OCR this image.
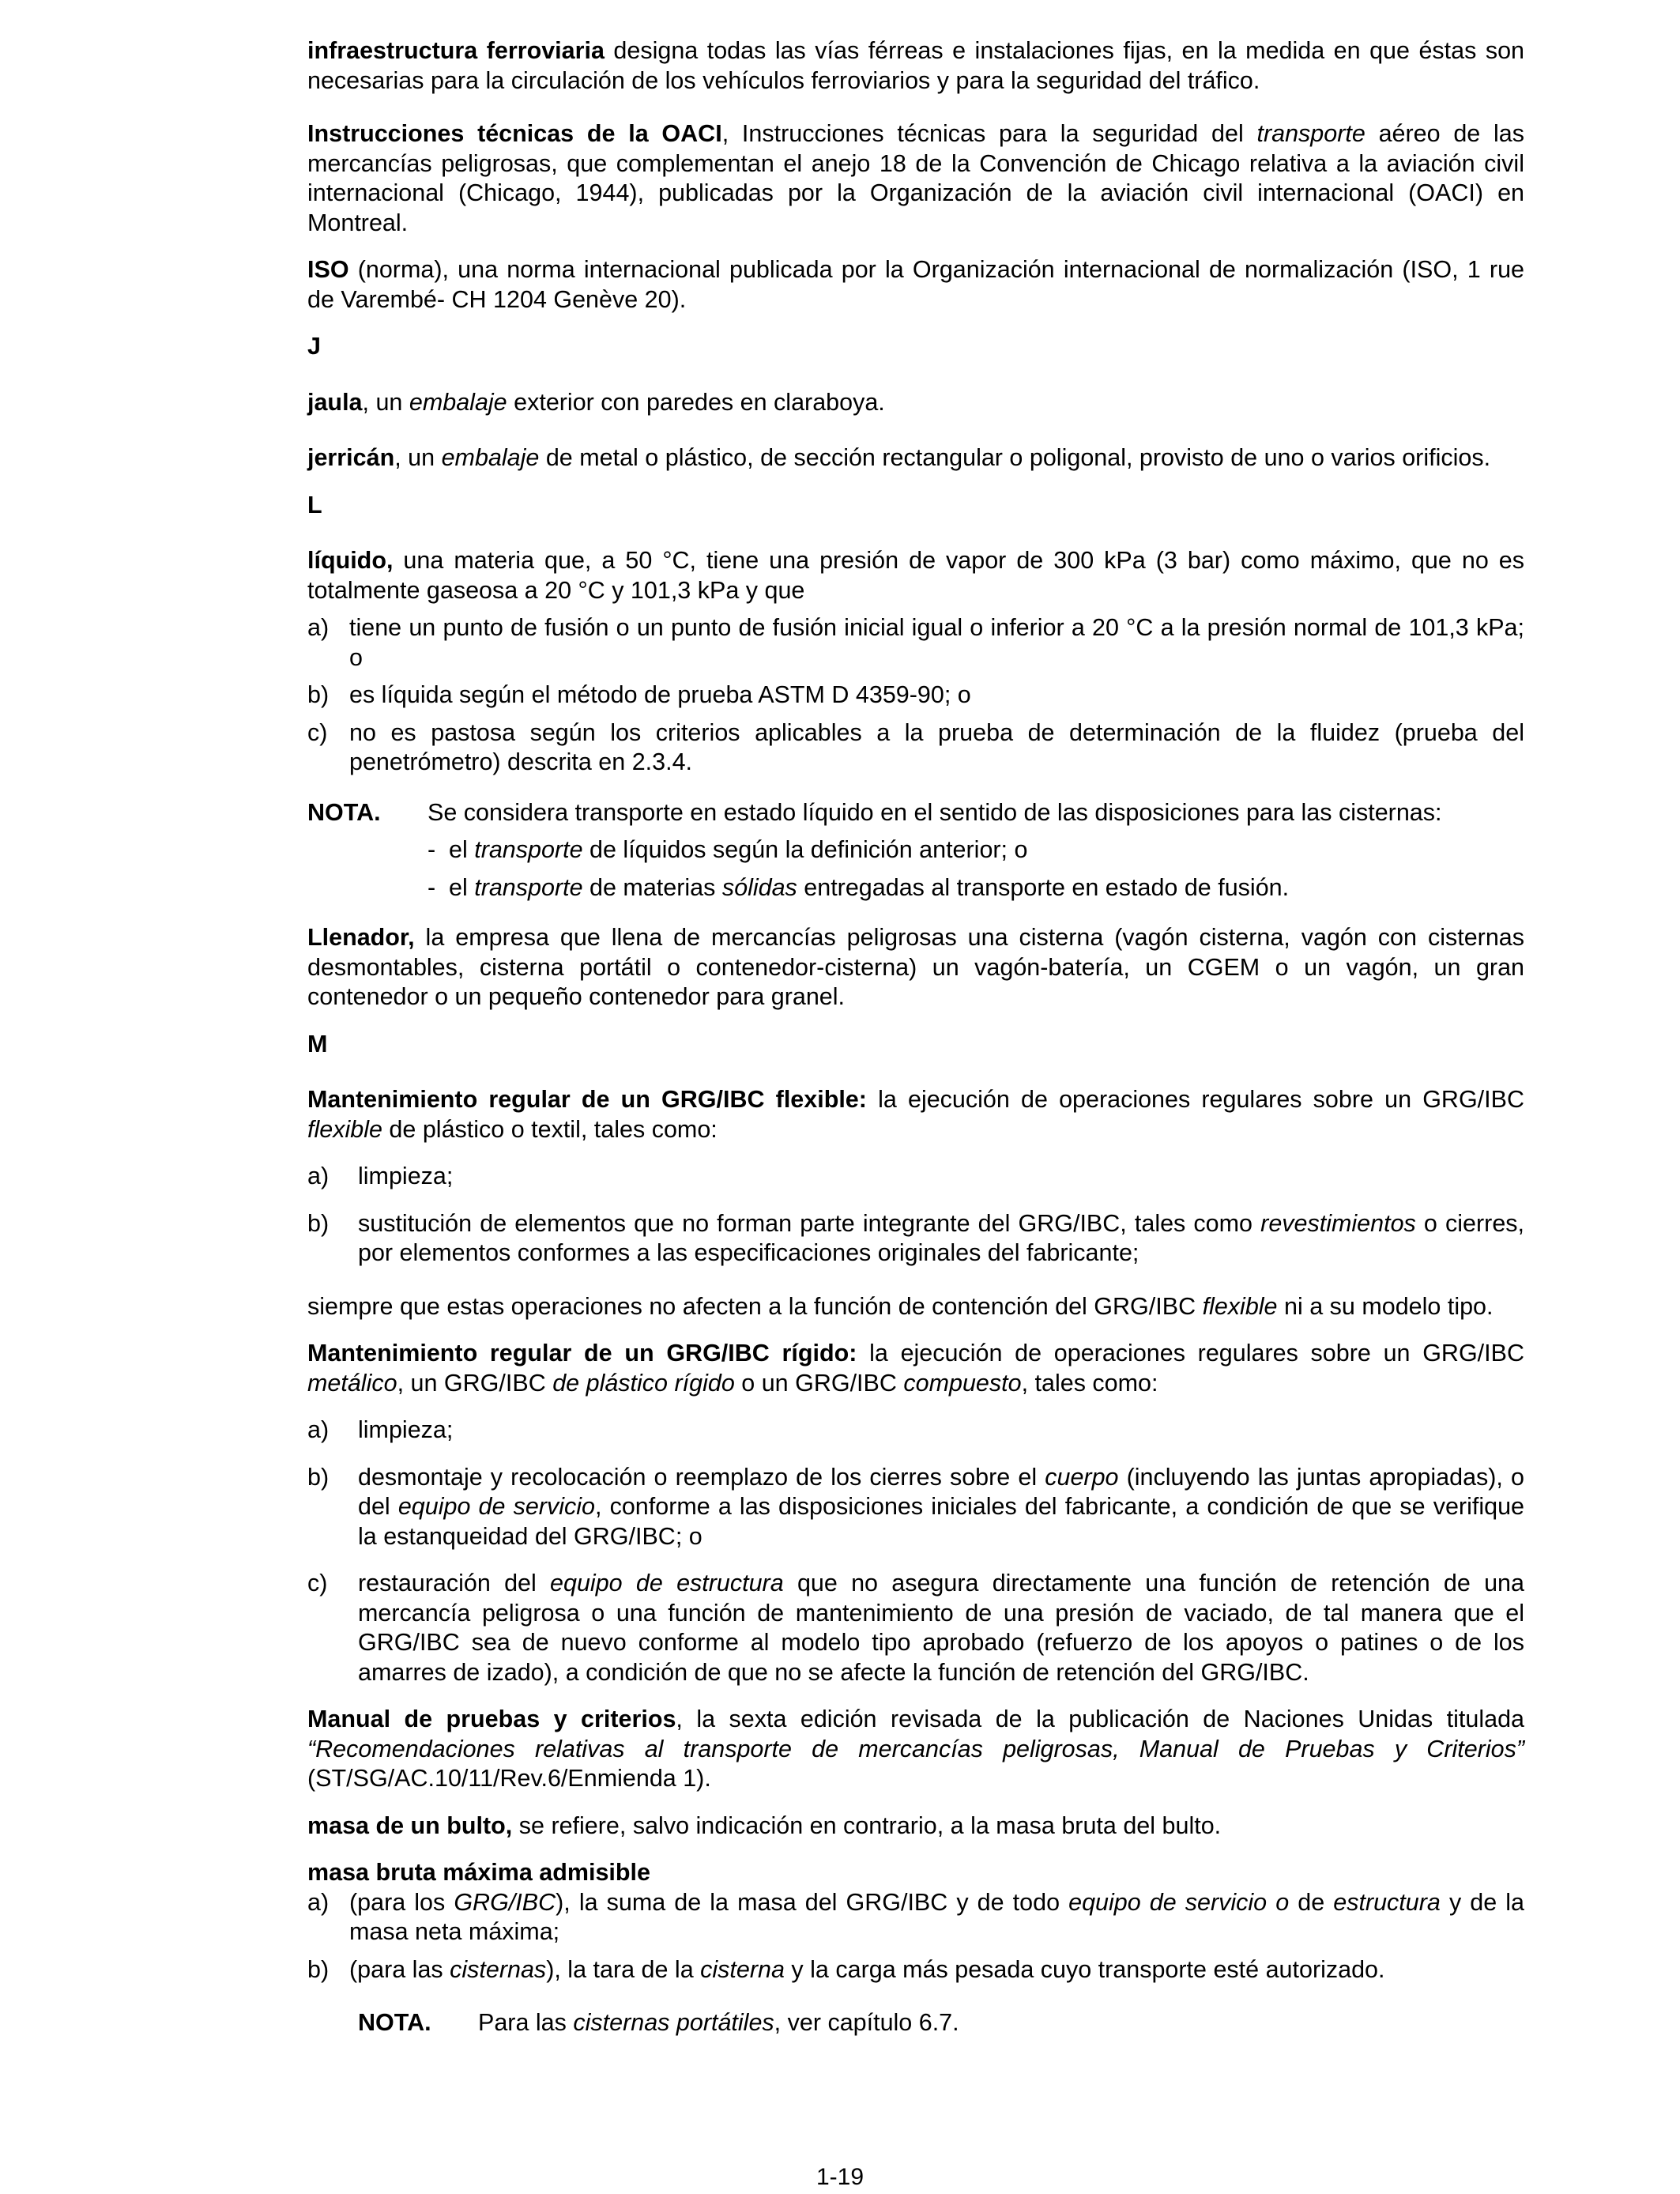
infraestructura ferroviaria designa todas las vías férreas e instalaciones fijas, en la medida en que éstas son necesarias para la circulación de los vehículos ferroviarios y para la seguridad del tráfico.

Instrucciones técnicas de la OACI, Instrucciones técnicas para la seguridad del transporte aéreo de las mercancías peligrosas, que complementan el anejo 18 de la Convención de Chicago relativa a la aviación civil internacional (Chicago, 1944), publicadas por la Organización de la aviación civil internacional (OACI) en Montreal.

ISO (norma), una norma internacional publicada por la Organización internacional de normalización (ISO, 1 rue de Varembé- CH 1204 Genève 20).

J

jaula, un embalaje exterior con paredes en claraboya.

jerricán, un embalaje de metal o plástico, de sección rectangular o poligonal, provisto de uno o varios orificios.

L

líquido, una materia que, a 50 °C, tiene una presión de vapor de 300 kPa (3 bar) como máximo, que no es totalmente gaseosa a 20 °C y 101,3 kPa y que

a) tiene un punto de fusión o un punto de fusión inicial igual o inferior a 20 °C a la presión normal de 101,3 kPa; o
b) es líquida según el método de prueba ASTM D 4359-90; o
c) no es pastosa según los criterios aplicables a la prueba de determinación de la fluidez (prueba del penetrómetro) descrita en 2.3.4.
NOTA.	Se considera transporte en estado líquido en el sentido de las disposiciones para las cisternas:
- el transporte de líquidos según la definición anterior; o
- el transporte de materias sólidas entregadas al transporte en estado de fusión.

Llenador, la empresa que llena de mercancías peligrosas una cisterna (vagón cisterna, vagón con cisternas desmontables, cisterna portátil o contenedor-cisterna) un vagón-batería, un CGEM o un vagón, un gran contenedor o un pequeño contenedor para granel.

M

Mantenimiento regular de un GRG/IBC flexible: la ejecución de operaciones regulares sobre un GRG/IBC flexible de plástico o textil, tales como:

a)	limpieza;
b)	sustitución de elementos que no forman parte integrante del GRG/IBC, tales como revestimientos o cierres, por elementos conformes a las especificaciones originales del fabricante;

siempre que estas operaciones no afecten a la función de contención del GRG/IBC flexible ni a su modelo tipo.

Mantenimiento regular de un GRG/IBC rígido: la ejecución de operaciones regulares sobre un GRG/IBC metálico, un GRG/IBC de plástico rígido o un GRG/IBC compuesto, tales como:

a)	limpieza;
b)	desmontaje y recolocación o reemplazo de los cierres sobre el cuerpo (incluyendo las juntas apropiadas), o del equipo de servicio, conforme a las disposiciones iniciales del fabricante, a condición de que se verifique la estanqueidad del GRG/IBC; o
c)	restauración del equipo de estructura que no asegura directamente una función de retención de una mercancía peligrosa o una función de mantenimiento de una presión de vaciado, de tal manera que el GRG/IBC sea de nuevo conforme al modelo tipo aprobado (refuerzo de los apoyos o patines o de los amarres de izado), a condición de que no se afecte la función de retención del GRG/IBC.

Manual de pruebas y criterios, la sexta edición revisada de la publicación de Naciones Unidas titulada “Recomendaciones relativas al transporte de mercancías peligrosas, Manual de Pruebas y Criterios” (ST/SG/AC.10/11/Rev.6/Enmienda 1).

masa de un bulto, se refiere, salvo indicación en contrario, a la masa bruta del bulto.

masa bruta máxima admisible

a) (para los GRG/IBC), la suma de la masa del GRG/IBC y de todo equipo de servicio o de estructura y de la masa neta máxima;
b) (para las cisternas), la tara de la cisterna y la carga más pesada cuyo transporte esté autorizado.
NOTA.	Para las cisternas portátiles, ver capítulo 6.7.
1-19
